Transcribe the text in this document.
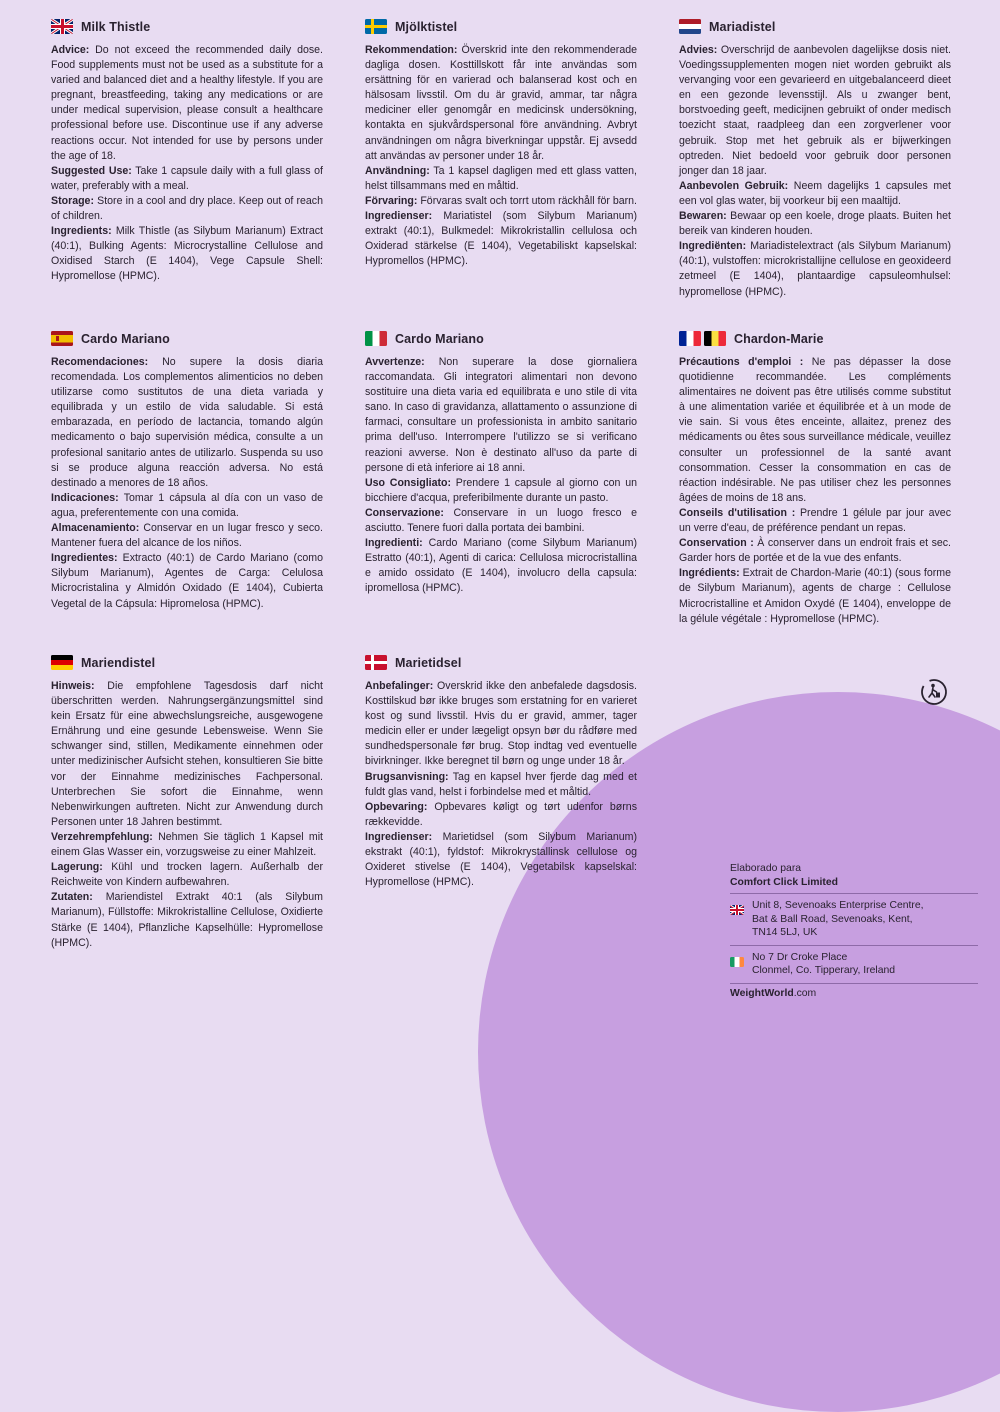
Milk Thistle

Advice: Do not exceed the recommended daily dose. Food supplements must not be used as a substitute for a varied and balanced diet and a healthy lifestyle. If you are pregnant, breastfeeding, taking any medications or are under medical supervision, please consult a healthcare professional before use. Discontinue use if any adverse reactions occur. Not intended for use by persons under the age of 18.

Suggested Use: Take 1 capsule daily with a full glass of water, preferably with a meal.

Storage: Store in a cool and dry place. Keep out of reach of children.

Ingredients: Milk Thistle (as Silybum Marianum) Extract (40:1), Bulking Agents: Microcrystalline Cellulose and Oxidised Starch (E 1404), Vege Capsule Shell: Hypromellose (HPMC).

Mjölktistel

Rekommendation: Överskrid inte den rekommenderade dagliga dosen. Kosttillskott får inte användas som ersättning för en varierad och balanserad kost och en hälsosam livsstil. Om du är gravid, ammar, tar några mediciner eller genomgår en medicinsk undersökning, kontakta en sjukvårdspersonal före användning. Avbryt användningen om några biverkningar uppstår. Ej avsedd att användas av personer under 18 år.

Användning: Ta 1 kapsel dagligen med ett glass vatten, helst tillsammans med en måltid.

Förvaring: Förvaras svalt och torrt utom räckhåll för barn.

Ingredienser: Mariatistel (som Silybum Marianum) extrakt (40:1), Bulkmedel: Mikrokristallin cellulosa och Oxiderad stärkelse (E 1404), Vegetabiliskt kapselskal: Hypromellos (HPMC).

Mariadistel

Advies: Overschrijd de aanbevolen dagelijkse dosis niet. Voedingssupplementen mogen niet worden gebruikt als vervanging voor een gevarieerd en uitgebalanceerd dieet en een gezonde levensstijl. Als u zwanger bent, borstvoeding geeft, medicijnen gebruikt of onder medisch toezicht staat, raadpleeg dan een zorgverlener voor gebruik. Stop met het gebruik als er bijwerkingen optreden. Niet bedoeld voor gebruik door personen jonger dan 18 jaar.

Aanbevolen Gebruik: Neem dagelijks 1 capsules met een vol glas water, bij voorkeur bij een maaltijd.

Bewaren: Bewaar op een koele, droge plaats. Buiten het bereik van kinderen houden.

Ingrediënten: Mariadistelextract (als Silybum Marianum) (40:1), vulstoffen: microkristallijne cellulose en geoxideerd zetmeel (E 1404), plantaardige capsuleomhulsel: hypromellose (HPMC).

Cardo Mariano

Recomendaciones: No supere la dosis diaria recomendada. Los complementos alimenticios no deben utilizarse como sustitutos de una dieta variada y equilibrada y un estilo de vida saludable. Si está embarazada, en período de lactancia, tomando algún medicamento o bajo supervisión médica, consulte a un profesional sanitario antes de utilizarlo. Suspenda su uso si se produce alguna reacción adversa. No está destinado a menores de 18 años.

Indicaciones: Tomar 1 cápsula al día con un vaso de agua, preferentemente con una comida.

Almacenamiento: Conservar en un lugar fresco y seco. Mantener fuera del alcance de los niños.

Ingredientes: Extracto (40:1) de Cardo Mariano (como Silybum Marianum), Agentes de Carga: Celulosa Microcristalina y Almidón Oxidado (E 1404), Cubierta Vegetal de la Cápsula: Hipromelosa (HPMC).

Cardo Mariano

Avvertenze: Non superare la dose giornaliera raccomandata. Gli integratori alimentari non devono sostituire una dieta varia ed equilibrata e uno stile di vita sano. In caso di gravidanza, allattamento o assunzione di farmaci, consultare un professionista in ambito sanitario prima dell'uso. Interrompere l'utilizzo se si verificano reazioni avverse. Non è destinato all'uso da parte di persone di età inferiore ai 18 anni.

Uso Consigliato: Prendere 1 capsule al giorno con un bicchiere d'acqua, preferibilmente durante un pasto.

Conservazione: Conservare in un luogo fresco e asciutto. Tenere fuori dalla portata dei bambini.

Ingredienti: Cardo Mariano (come Silybum Marianum) Estratto (40:1), Agenti di carica: Cellulosa microcristallina e amido ossidato (E 1404), involucro della capsula: ipromellosa (HPMC).

Chardon-Marie

Précautions d'emploi : Ne pas dépasser la dose quotidienne recommandée. Les compléments alimentaires ne doivent pas être utilisés comme substitut à une alimentation variée et équilibrée et à un mode de vie sain. Si vous êtes enceinte, allaitez, prenez des médicaments ou êtes sous surveillance médicale, veuillez consulter un professionnel de la santé avant consommation. Cesser la consommation en cas de réaction indésirable. Ne pas utiliser chez les personnes âgées de moins de 18 ans.

Conseils d'utilisation : Prendre 1 gélule par jour avec un verre d'eau, de préférence pendant un repas.

Conservation : À conserver dans un endroit frais et sec. Garder hors de portée et de la vue des enfants.

Ingrédients: Extrait de Chardon-Marie (40:1) (sous forme de Silybum Marianum), agents de charge : Cellulose Microcristalline et Amidon Oxydé (E 1404), enveloppe de la gélule végétale : Hypromellose (HPMC).

Mariendistel

Hinweis: Die empfohlene Tagesdosis darf nicht überschritten werden. Nahrungsergänzungsmittel sind kein Ersatz für eine abwechslungsreiche, ausgewogene Ernährung und eine gesunde Lebensweise. Wenn Sie schwanger sind, stillen, Medikamente einnehmen oder unter medizinischer Aufsicht stehen, konsultieren Sie bitte vor der Einnahme medizinisches Fachpersonal. Unterbrechen Sie sofort die Einnahme, wenn Nebenwirkungen auftreten. Nicht zur Anwendung durch Personen unter 18 Jahren bestimmt.

Verzehrempfehlung: Nehmen Sie täglich 1 Kapsel mit einem Glas Wasser ein, vorzugsweise zu einer Mahlzeit.

Lagerung: Kühl und trocken lagern. Außerhalb der Reichweite von Kindern aufbewahren.

Zutaten: Mariendistel Extrakt 40:1 (als Silybum Marianum), Füllstoffe: Mikrokristalline Cellulose, Oxidierte Stärke (E 1404), Pflanzliche Kapselhülle: Hypromellose (HPMC).

Marietidsel

Anbefalinger: Overskrid ikke den anbefalede dagsdosis. Kosttilskud bør ikke bruges som erstatning for en varieret kost og sund livsstil. Hvis du er gravid, ammer, tager medicin eller er under lægeligt opsyn bør du rådføre med sundhedspersonale før brug. Stop indtag ved eventuelle bivirkninger. Ikke beregnet til børn og unge under 18 år.

Brugsanvisning: Tag en kapsel hver fjerde dag med et fuldt glas vand, helst i forbindelse med et måltid.

Opbevaring: Opbevares køligt og tørt udenfor børns rækkevidde.

Ingredienser: Marietidsel (som Silybum Marianum) ekstrakt (40:1), fyldstof: Mikrokrystallinsk cellulose og Oxideret stivelse (E 1404), Vegetabilsk kapselskal: Hypromellose (HPMC).

Elaborado para

Comfort Click Limited

Unit 8, Sevenoaks Enterprise Centre,
Bat & Ball Road, Sevenoaks, Kent,
TN14 5LJ, UK
No 7 Dr Croke Place
Clonmel, Co. Tipperary, Ireland
WeightWorld.com
